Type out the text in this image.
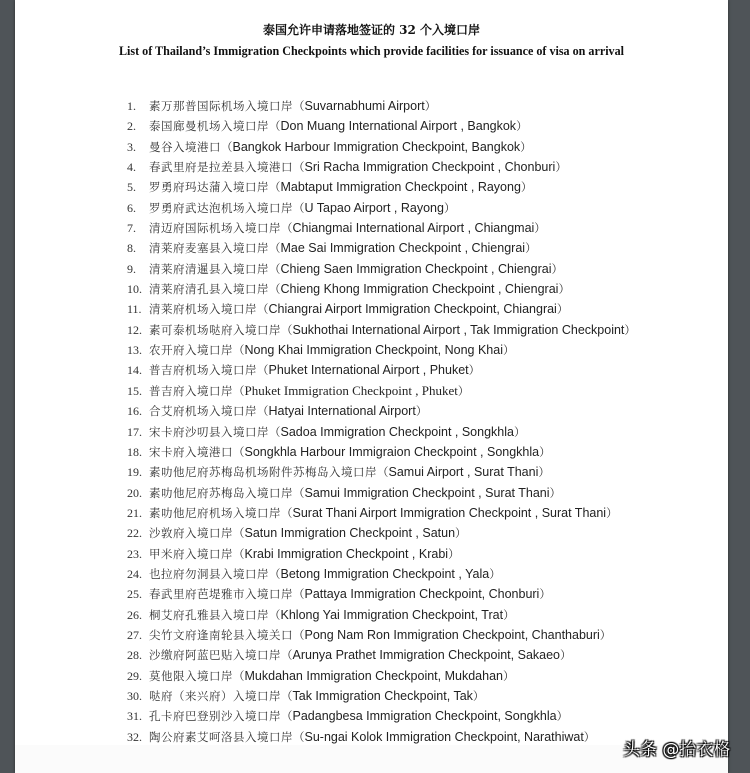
泰国允许申请落地签证的 32 个入境口岸
List of Thailand’s Immigration Checkpoints which provide facilities for issuance of visa on arrival
1.	素万那普国际机场入境口岸 （ Suvarnabhumi Airport ）
2.	泰国廊曼机场入境口岸 （ Don Muang International Airport , Bangkok ）
3.	曼谷入境港口 （ Bangkok Harbour Immigration Checkpoint, Bangkok ）
4.	春武里府是拉差县入境港口 （ Sri Racha Immigration Checkpoint , Chonburi ）
5.	罗勇府玛达蒲入境口岸 （ Mabtaput Immigration Checkpoint , Rayong ）
6.	罗勇府武达泡机场入境口岸 （ U Tapao Airport , Rayong ）
7.	清迈府国际机场入境口岸 （ Chiangmai International Airport , Chiangmai ）
8.	清莱府麦塞县入境口岸 （ Mae Sai Immigration Checkpoint , Chiengrai ）
9.	清莱府清暹县入境口岸 （ Chieng Saen Immigration Checkpoint , Chiengrai ）
10. 清莱府清孔县入境口岸 （ Chieng Khong Immigration Checkpoint , Chiengrai ）
11. 清莱府机场入境口岸 （ Chiangrai Airport Immigration Checkpoint, Chiangrai ）
12. 素可泰机场哒府入境口岸 （ Sukhothai International Airport , Tak Immigration Checkpoint ）
13. 农开府入境口岸 （ Nong Khai Immigration Checkpoint, Nong Khai ）
14. 普吉府机场入境口岸 （ Phuket International Airport , Phuket ）
15. 普吉府入境口岸 （ Phuket Immigration Checkpoint , Phuket ）
16. 合艾府机场入境口岸 （ Hatyai International Airport ）
17. 宋卡府沙叨县入境口岸 （ Sadoa Immigration Checkpoint , Songkhla ）
18. 宋卡府入境港口 （ Songkhla Harbour Immigraion Checkpoint , Songkhla ）
19. 素叻他尼府苏梅岛机场附件苏梅岛入境口岸 （ Samui Airport , Surat Thani ）
20. 素叻他尼府苏梅岛入境口岸 （ Samui Immigration Checkpoint , Surat Thani ）
21. 素叻他尼府机场入境口岸 （ Surat Thani Airport Immigration Checkpoint , Surat Thani ）
22. 沙敦府入境口岸 （ Satun Immigration Checkpoint , Satun ）
23. 甲米府入境口岸 （ Krabi Immigration Checkpoint , Krabi ）
24. 也拉府勿洞县入境口岸 （ Betong Immigration Checkpoint , Yala ）
25. 春武里府芭堤雅市入境口岸 （ Pattaya Immigration Checkpoint, Chonburi ）
26. 桐艾府孔雅县入境口岸 （ Khlong Yai Immigration Checkpoint, Trat ）
27. 尖竹文府逢南轮县入境关口 （ Pong Nam Ron Immigration Checkpoint, Chanthaburi ）
28. 沙缴府阿蓝巴贴入境口岸 （ Arunya Prathet Immigration Checkpoint, Sakaeo ）
29. 莫他限入境口岸 （ Mukdahan Immigration Checkpoint, Mukdahan ）
30. 哒府（来兴府）入境口岸 （ Tak Immigration Checkpoint, Tak ）
31. 孔卡府巴登别沙入境口岸 （ Padangbesa Immigration Checkpoint, Songkhla ）
32. 陶公府素艾呵洛县入境口岸 （ Su-ngai Kolok Immigration Checkpoint, Narathiwat ）
头条 @抬衣格
